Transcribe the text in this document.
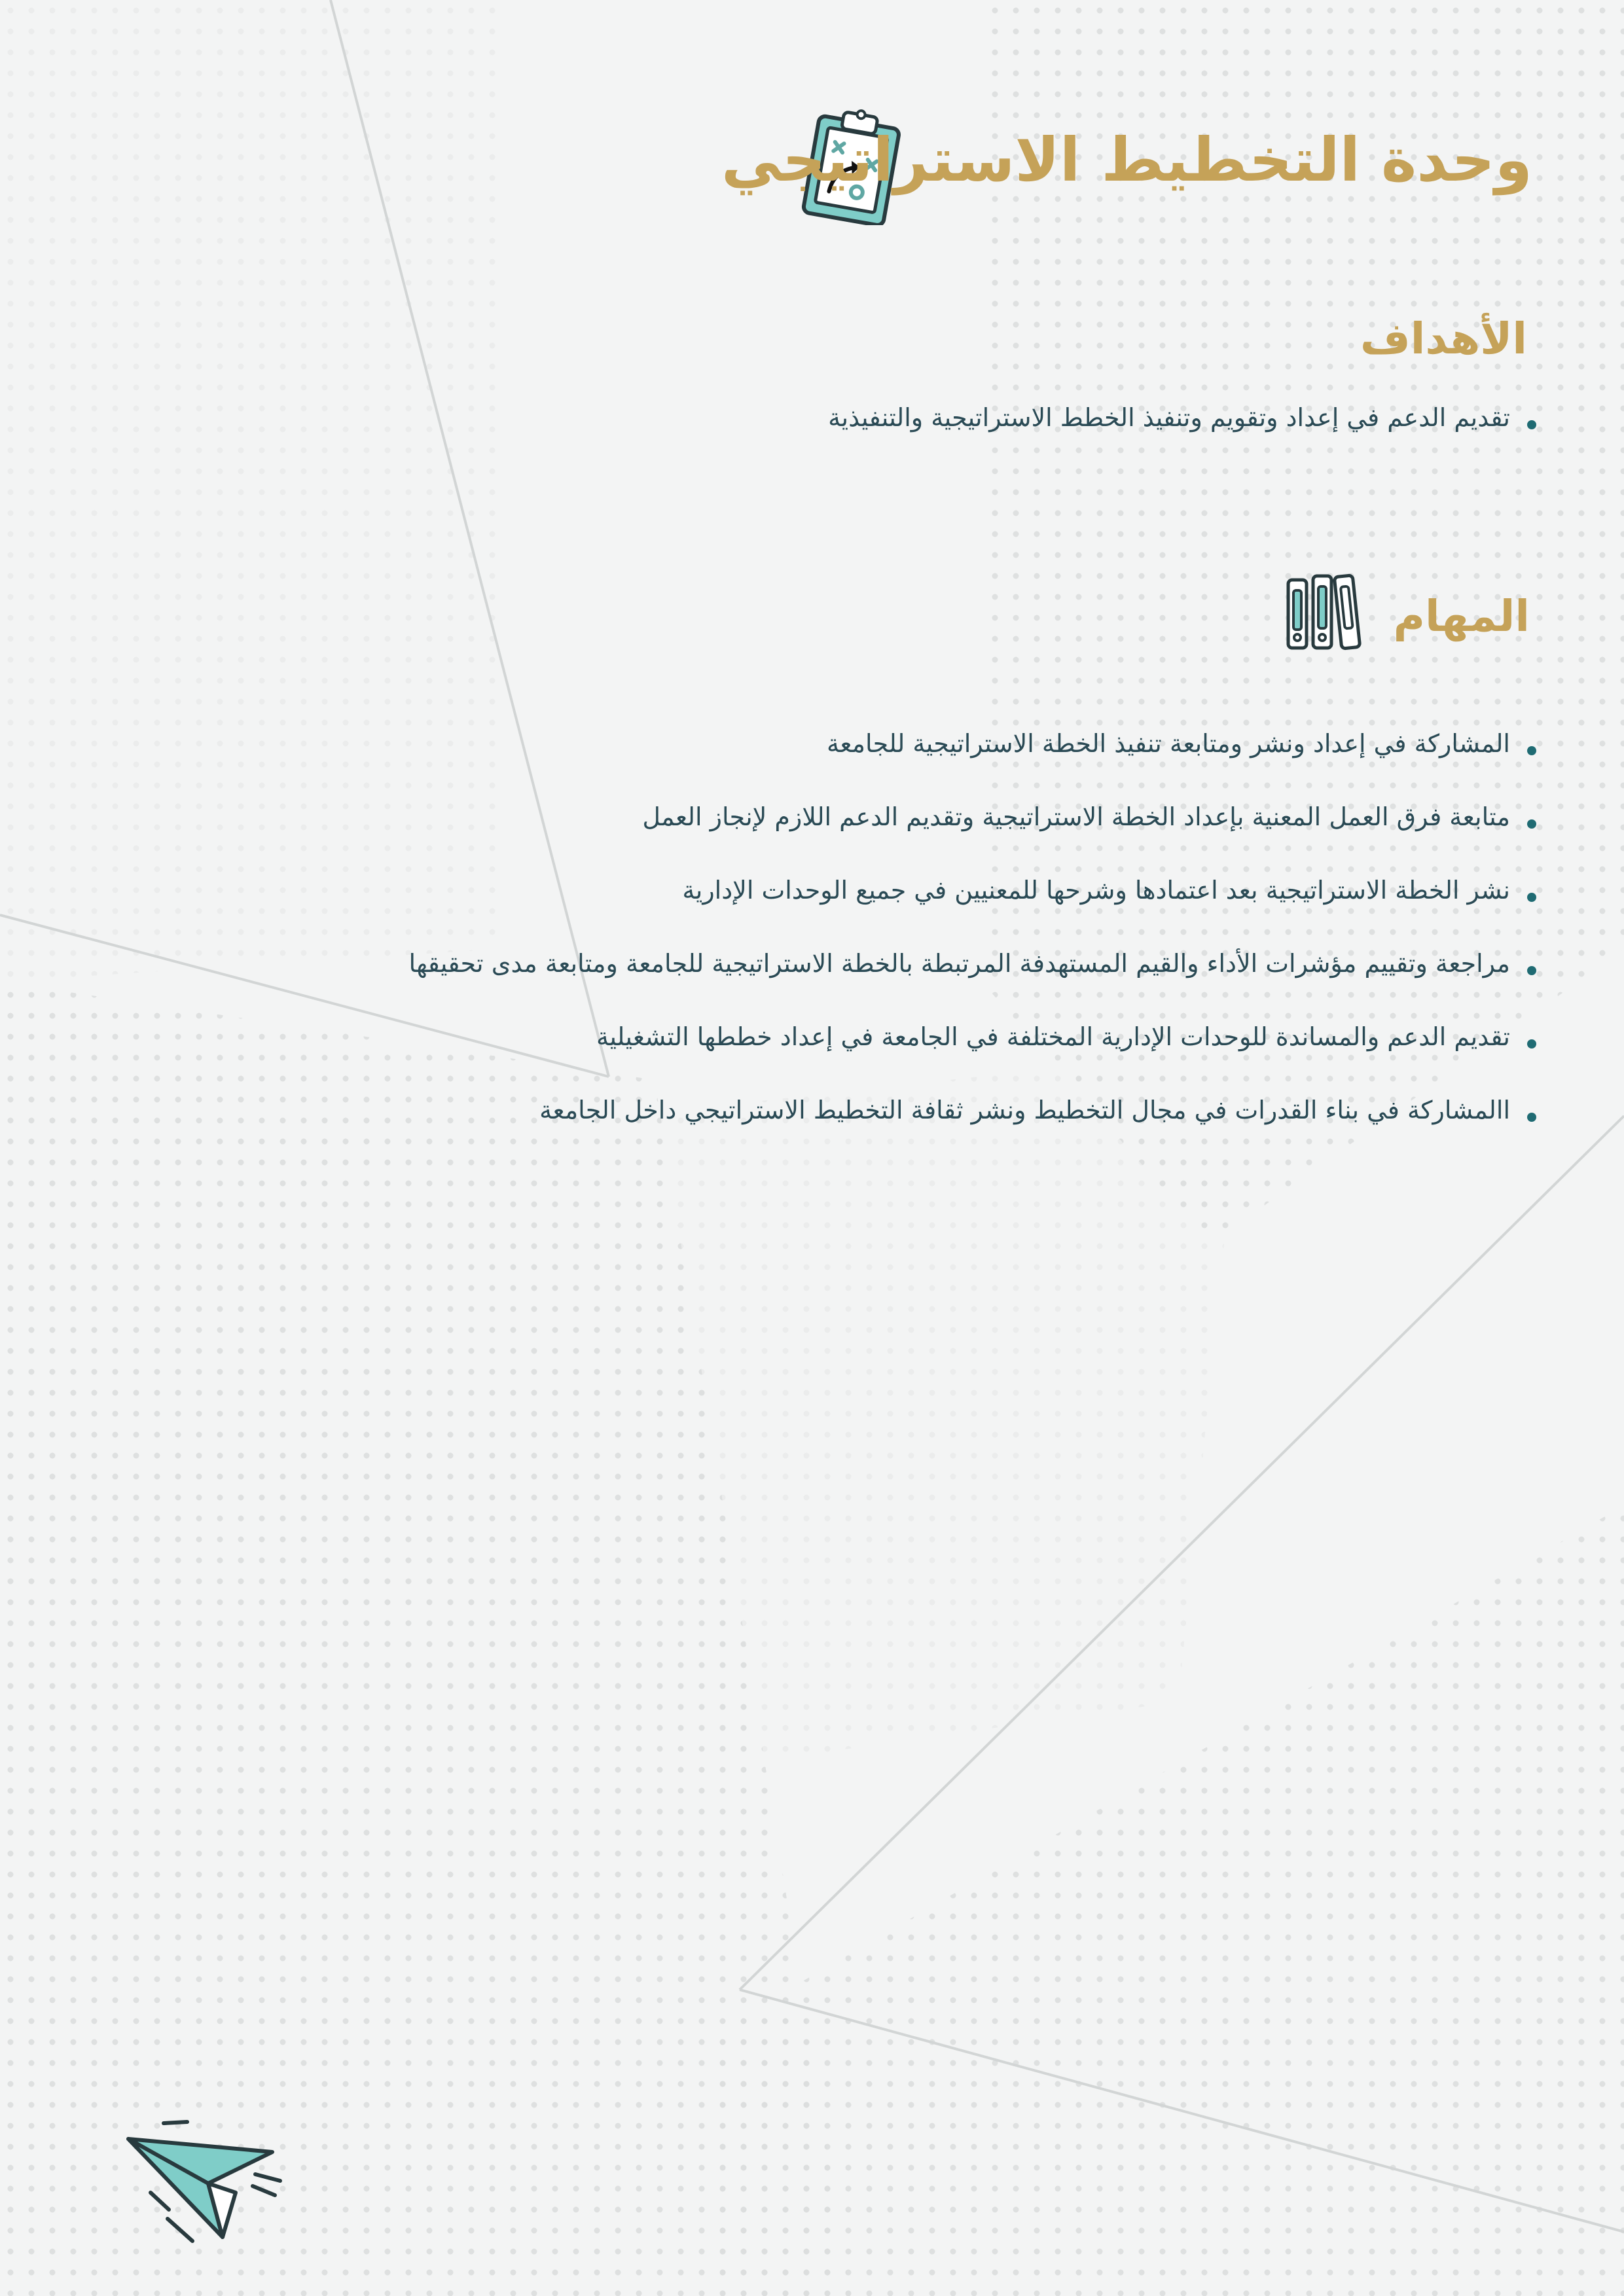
وحدة التخطيط الاستراتيجي
الأهداف
تقديم الدعم في إعداد وتقويم وتنفيذ الخطط الاستراتيجية والتنفيذية
المهام
المشاركة في إعداد ونشر ومتابعة تنفيذ الخطة الاستراتيجية للجامعة
متابعة فرق العمل المعنية بإعداد الخطة الاستراتيجية وتقديم الدعم اللازم لإنجاز العمل
نشر الخطة الاستراتيجية بعد اعتمادها وشرحها للمعنيين في جميع الوحدات الإدارية
مراجعة وتقييم مؤشرات الأداء والقيم المستهدفة المرتبطة بالخطة الاستراتيجية للجامعة ومتابعة مدى تحقيقها
تقديم الدعم والمساندة للوحدات الإدارية المختلفة في الجامعة في إعداد خططها التشغيلية
االمشاركة في بناء القدرات في مجال التخطيط ونشر ثقافة التخطيط الاستراتيجي داخل الجامعة
